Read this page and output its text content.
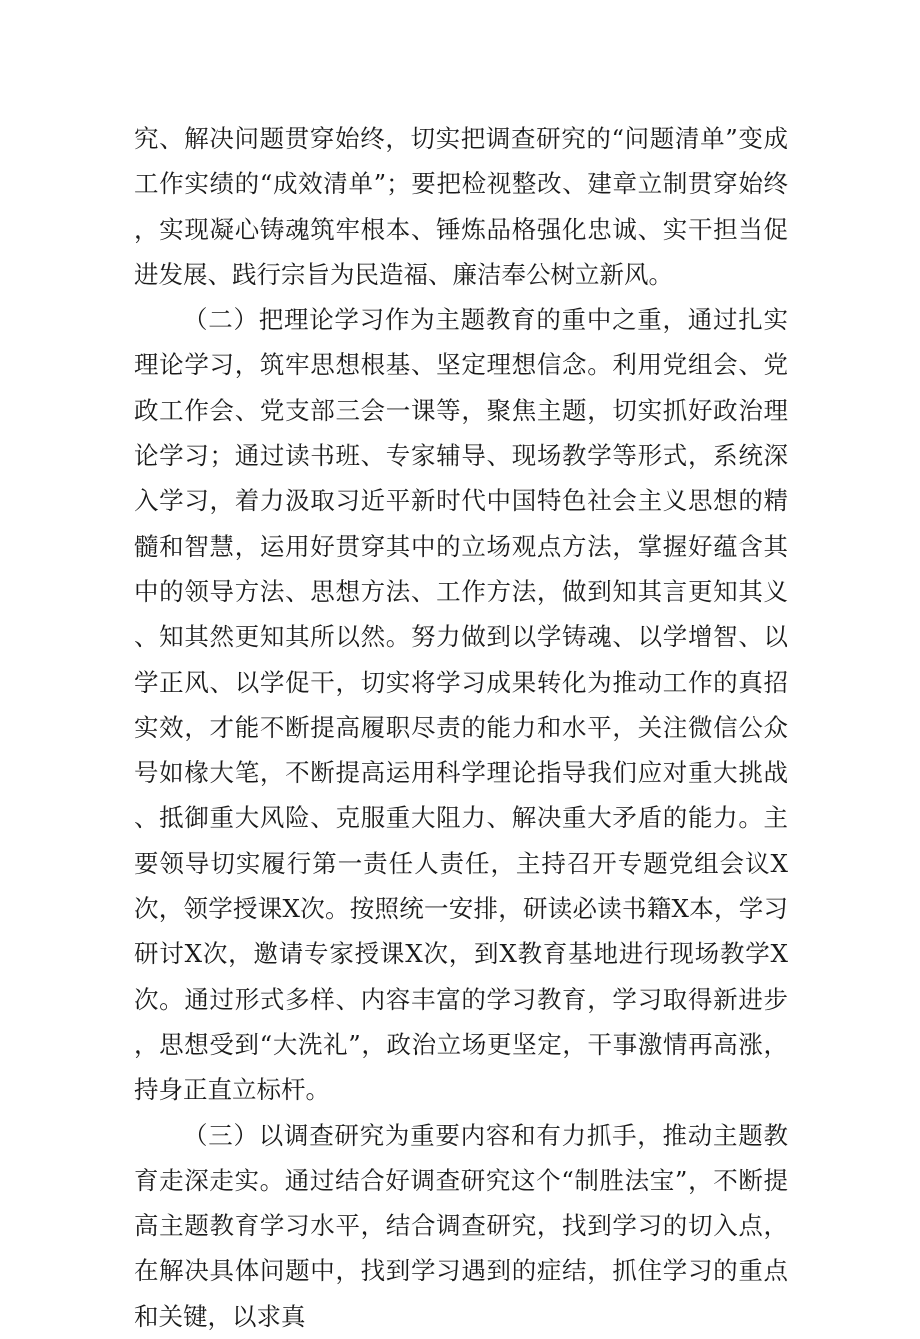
究、解决问题贯穿始终，切实把调查研究的“问题清单”变成工作实绩的“成效清单”；要把检视整改、建章立制贯穿始终，实现凝心铸魂筑牢根本、锤炼品格强化忠诚、实干担当促进发展、践行宗旨为民造福、廉洁奉公树立新风。

（二）把理论学习作为主题教育的重中之重，通过扎实理论学习，筑牢思想根基、坚定理想信念。利用党组会、党政工作会、党支部三会一课等，聚焦主题，切实抓好政治理论学习；通过读书班、专家辅导、现场教学等形式，系统深入学习，着力汲取习近平新时代中国特色社会主义思想的精髓和智慧，运用好贯穿其中的立场观点方法，掌握好蕴含其中的领导方法、思想方法、工作方法，做到知其言更知其义、知其然更知其所以然。努力做到以学铸魂、以学增智、以学正风、以学促干，切实将学习成果转化为推动工作的真招实效，才能不断提高履职尽责的能力和水平，关注微信公众号如椽大笔，不断提高运用科学理论指导我们应对重大挑战、抵御重大风险、克服重大阻力、解决重大矛盾的能力。主要领导切实履行第一责任人责任，主持召开专题党组会议X次，领学授课X次。按照统一安排，研读必读书籍X本，学习研讨X次，邀请专家授课X次，到X教育基地进行现场教学X次。通过形式多样、内容丰富的学习教育，学习取得新进步，思想受到“大洗礼”，政治立场更坚定，干事激情再高涨，持身正直立标杆。

（三）以调查研究为重要内容和有力抓手，推动主题教育走深走实。通过结合好调查研究这个“制胜法宝”，不断提高主题教育学习水平，结合调查研究，找到学习的切入点，在解决具体问题中，找到学习遇到的症结，抓住学习的重点和关键，以求真
